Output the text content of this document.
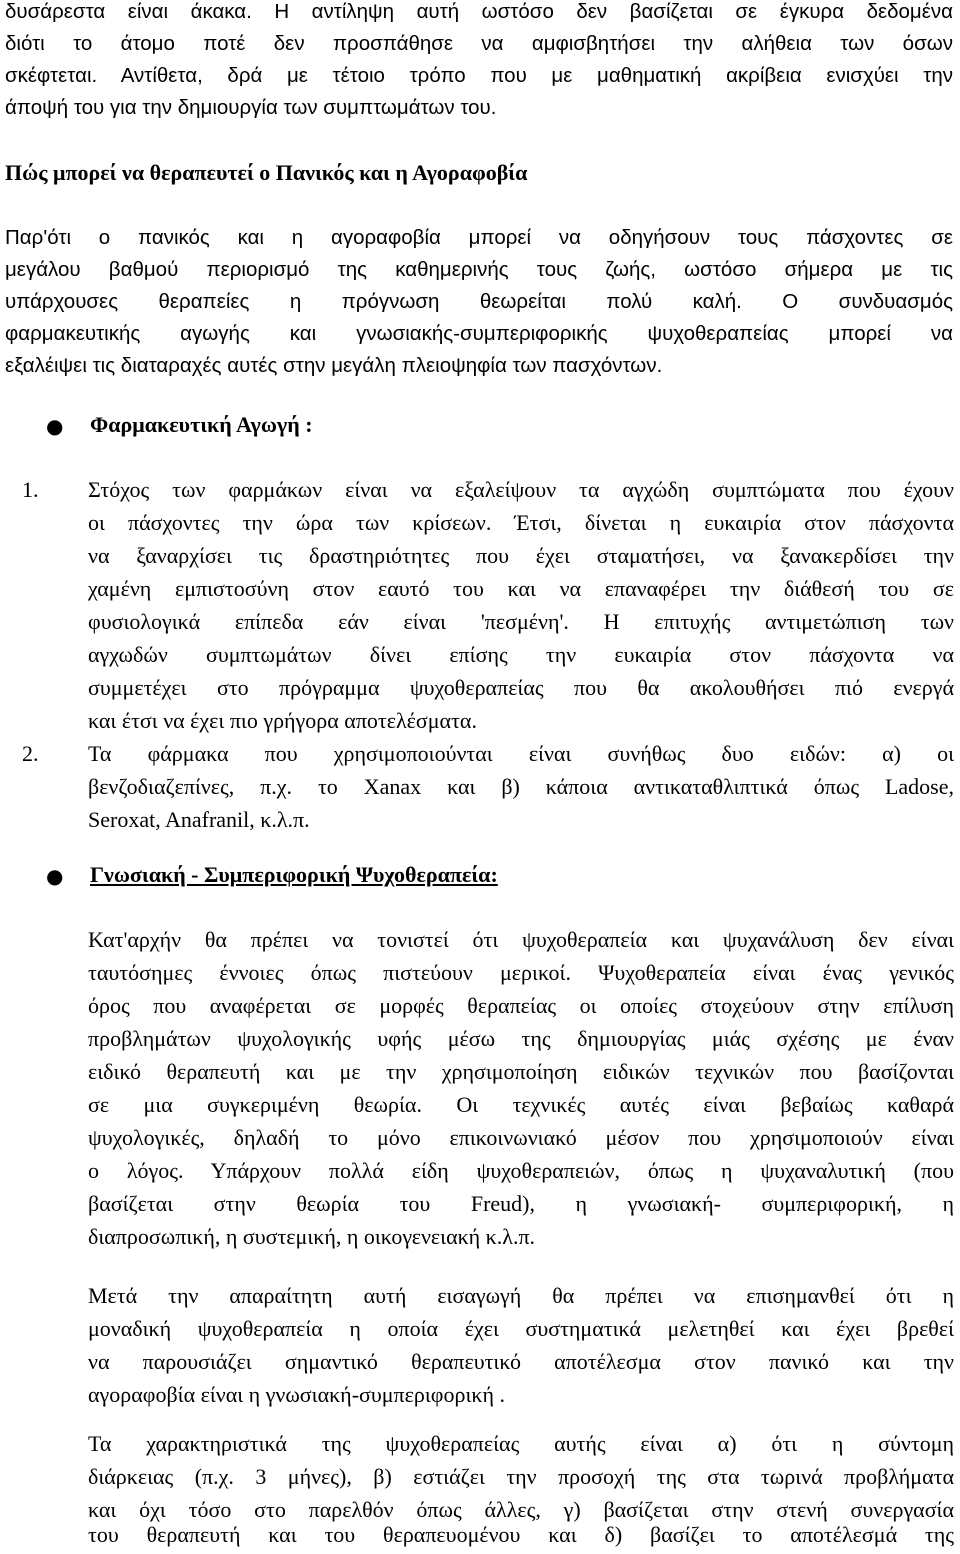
δυσάρεστα είναι άκακα. Η αντίληψη αυτή ωστόσο δεν βασίζεται σε έγκυρα δεδομένα
διότι το άτομο ποτέ δεν προσπάθησε να αμφισβητήσει την αλήθεια των όσων
σκέφτεται. Αντίθετα, δρά με τέτοιο τρόπο που με μαθηματική ακρίβεια ενισχύει την
άποψή του για την δημιουργία των συμπτωμάτων του.
Πώς μπορεί να θεραπευτεί ο Πανικός και η Αγοραφοβία
Παρ'ότι ο πανικός και η αγοραφοβία μπορεί να οδηγήσουν τους πάσχοντες σε
μεγάλου βαθμού περιορισμό της καθημερινής τους ζωής, ωστόσο σήμερα με τις
υπάρχουσες θεραπείες η πρόγνωση θεωρείται πολύ καλή. Ο συνδυασμός
φαρμακευτικής αγωγής και γνωσιακής-συμπεριφορικής ψυχοθεραπείας μπορεί να
εξαλέιψει τις διαταραχές αυτές στην μεγάλη πλειοψηφία των πασχόντων.
● Φαρμακευτική Αγωγή :
1. Στόχος των φαρμάκων είναι να εξαλείψουν τα αγχώδη συμπτώματα που έχουν
οι πάσχοντες την ώρα των κρίσεων. Έτσι, δίνεται η ευκαιρία στον πάσχοντα
να ξαναρχίσει τις δραστηριότητες που έχει σταματήσει, να ξανακερδίσει την
χαμένη εμπιστοσύνη στον εαυτό του και να επαναφέρει την διάθεσή του σε
φυσιολογικά επίπεδα εάν είναι 'πεσμένη'. Η επιτυχής αντιμετώπιση των
αγχωδών συμπτωμάτων δίνει επίσης την ευκαιρία στον πάσχοντα να
συμμετέχει στο πρόγραμμα ψυχοθεραπείας που θα ακολουθήσει πιό ενεργά
και έτσι να έχει πιο γρήγορα αποτελέσματα.
2. Τα φάρμακα που χρησιμοποιούνται είναι συνήθως δυο ειδών: α) οι
βενζοδιαζεπίνες, π.χ. το Xanax και β) κάποια αντικαταθλιπτικά όπως Ladose,
Seroxat, Anafranil, κ.λ.π.
● Γνωσιακή - Συμπεριφορική Ψυχοθεραπεία:
Κατ'αρχήν θα πρέπει να τονιστεί ότι ψυχοθεραπεία και ψυχανάλυση δεν είναι
ταυτόσημες έννοιες όπως πιστεύουν μερικοί. Ψυχοθεραπεία είναι ένας γενικός
όρος που αναφέρεται σε μορφές θεραπείας οι οποίες στοχεύουν στην επίλυση
προβλημάτων ψυχολογικής υφής μέσω της δημιουργίας μιάς σχέσης με έναν
ειδικό θεραπευτή και με την χρησιμοποίηση ειδικών τεχνικών που βασίζονται
σε μια συγκεριμένη θεωρία. Οι τεχνικές αυτές είναι βεβαίως καθαρά
ψυχολογικές, δηλαδή το μόνο επικοινωνιακό μέσον που χρησιμοποιούν είναι
ο λόγος. Υπάρχουν πολλά είδη ψυχοθεραπειών, όπως η ψυχαναλυτική (που
βασίζεται στην θεωρία του Freud), η γνωσιακή- συμπεριφορική, η
διαπροσωπική, η συστεμική, η οικογενειακή κ.λ.π.
Μετά την απαραίτητη αυτή εισαγωγή θα πρέπει να επισημανθεί ότι η
μοναδική ψυχοθεραπεία η οποία έχει συστηματικά μελετηθεί και έχει βρεθεί
να παρουσιάζει σημαντικό θεραπευτικό αποτέλεσμα στον πανικό και την
αγοραφοβία είναι η γνωσιακή-συμπεριφορική .
Τα χαρακτηριστικά της ψυχοθεραπείας αυτής είναι α) ότι η σύντομη
διάρκειας (π.χ. 3 μήνες), β) εστιάζει την προσοχή της στα τωρινά προβλήματα
και όχι τόσο στο παρελθόν όπως άλλες, γ) βασίζεται στην στενή συνεργασία
του θεραπευτή και του θεραπευομένου και δ) βασίζει το αποτέλεσμά της
